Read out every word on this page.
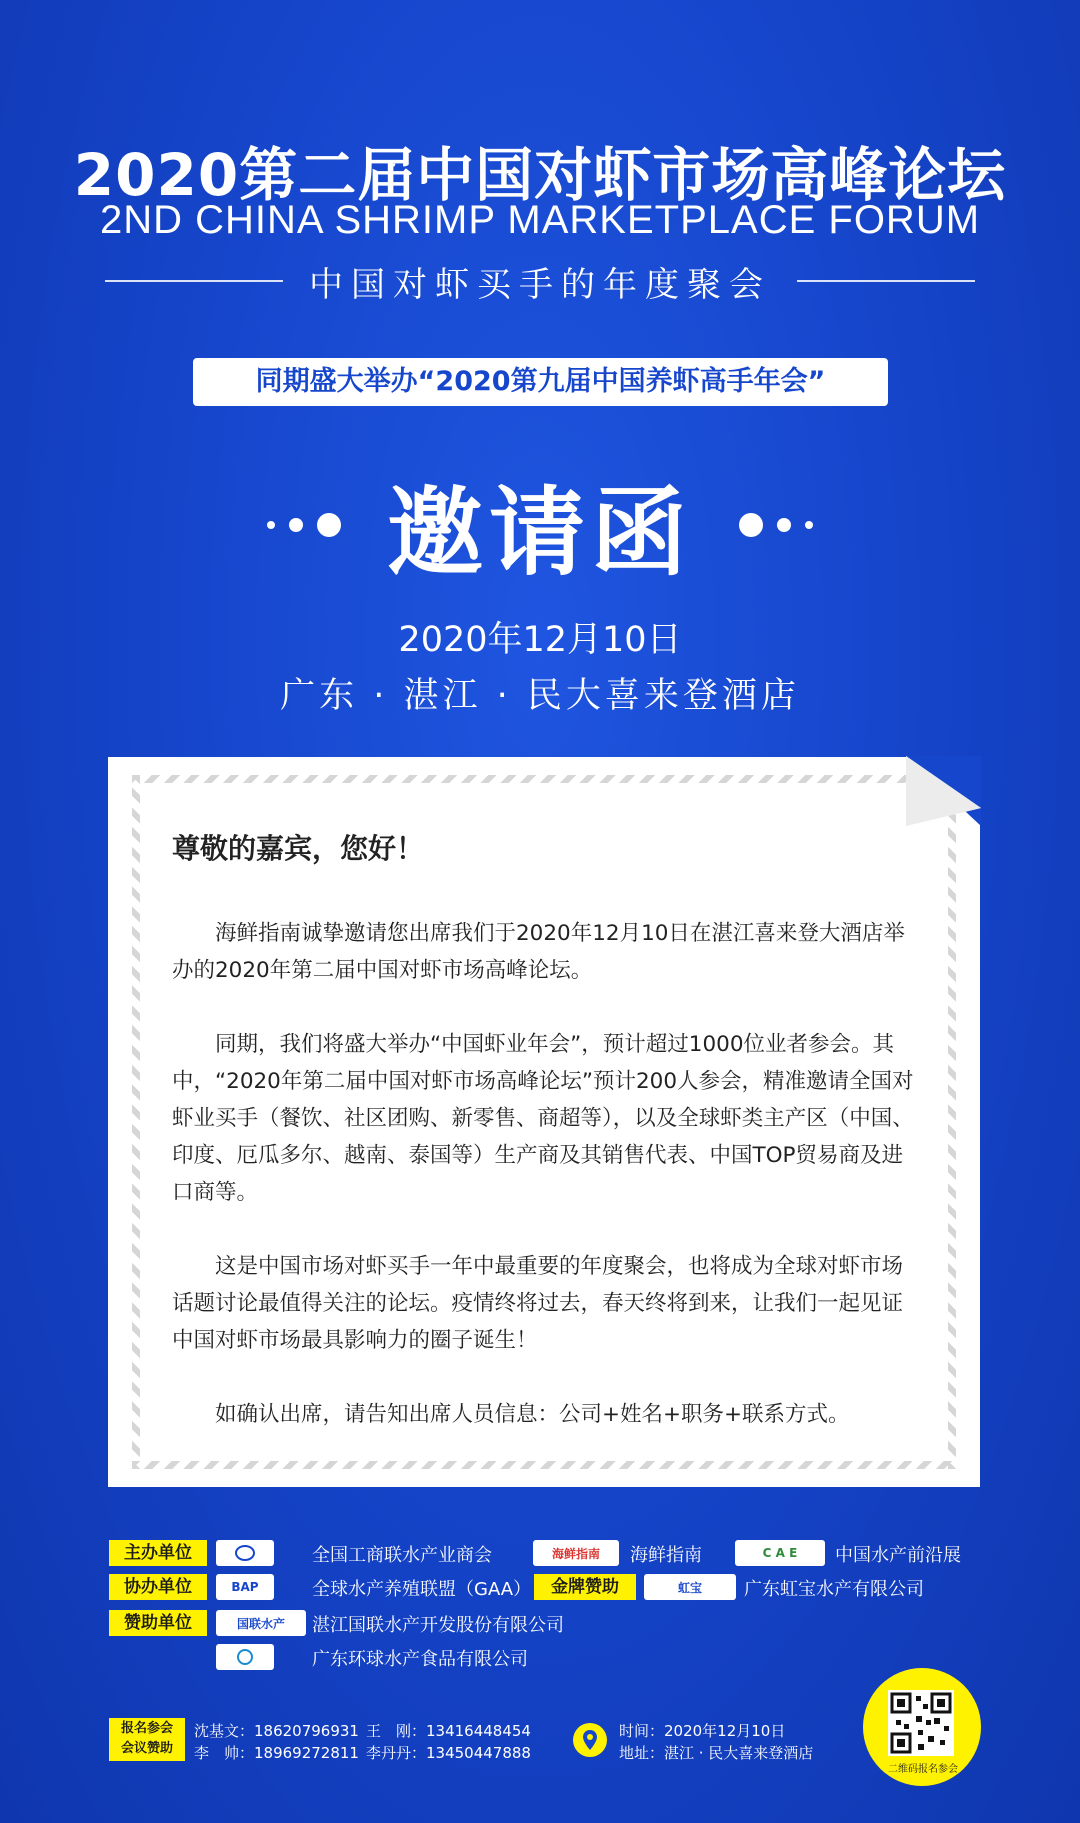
2020第二届中国对虾市场高峰论坛
2ND CHINA SHRIMP MARKETPLACE FORUM
中国对虾买手的年度聚会
同期盛大举办“2020第九届中国养虾高手年会”
邀请函
2020年12月10日
广东 · 湛江 · 民大喜来登酒店
尊敬的嘉宾，您好！

海鲜指南诚挚邀请您出席我们于2020年12月10日在湛江喜来登大酒店举办的2020年第二届中国对虾市场高峰论坛。

同期，我们将盛大举办“中国虾业年会”，预计超过1000位业者参会。其中，“2020年第二届中国对虾市场高峰论坛”预计200人参会，精准邀请全国对虾业买手（餐饮、社区团购、新零售、商超等），以及全球虾类主产区（中国、印度、厄瓜多尔、越南、泰国等）生产商及其销售代表、中国TOP贸易商及进口商等。

这是中国市场对虾买手一年中最重要的年度聚会，也将成为全球对虾市场话题讨论最值得关注的论坛。疫情终将过去，春天终将到来，让我们一起见证中国对虾市场最具影响力的圈子诞生！

如确认出席，请告知出席人员信息：公司+姓名+职务+联系方式。

主办单位	全国工商联水产业商会	海鲜指南	海鲜指南	C A E	中国水产前沿展
协办单位	BAP	全球水产养殖联盟（GAA）	金牌赞助	虹宝	广东虹宝水产有限公司
赞助单位	国联水产	湛江国联水产开发股份有限公司
广东环球水产食品有限公司
报名参会
会议赞助
沈基文：18620796931 王　刚：13416448454
李　帅：18969272811 李丹丹：13450447888
时间：2020年12月10日
地址：湛江 · 民大喜来登酒店
二维码报名参会
